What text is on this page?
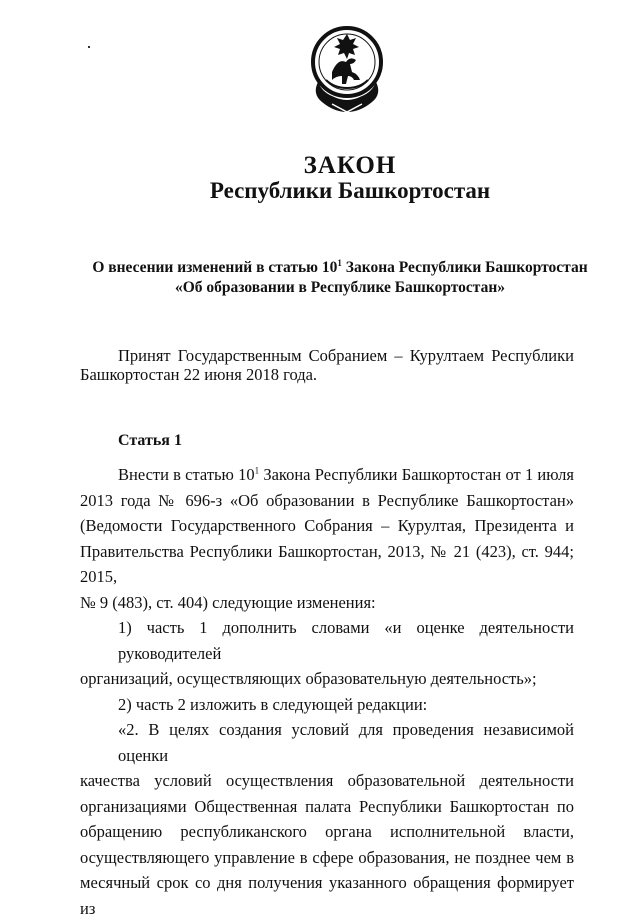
ЗАКОН
Республики Башкортостан
О внесении изменений в статью $10^1$ Закона Республики Башкортостан
«Об образовании в Республике Башкортостан»
Принят Государственным Собранием – Курултаем Республики
Башкортостан 22 июня 2018 года.
Статья 1
Внести в статью $10^1$ Закона Республики Башкортостан от 1 июля
2013 года № 696-з «Об образовании в Республике Башкортостан»
(Ведомости Государственного Собрания – Курултая, Президента и
Правительства Республики Башкортостан, 2013, № 21 (423), ст. 944; 2015,
№ 9 (483), ст. 404) следующие изменения:
1) часть 1 дополнить словами «и оценке деятельности руководителей
организаций, осуществляющих образовательную деятельность»;
2) часть 2 изложить в следующей редакции:
«2. В целях создания условий для проведения независимой оценки
качества условий осуществления образовательной деятельности
организациями Общественная палата Республики Башкортостан по
обращению республиканского органа исполнительной власти,
осуществляющего управление в сфере образования, не позднее чем в
месячный срок со дня получения указанного обращения формирует из
